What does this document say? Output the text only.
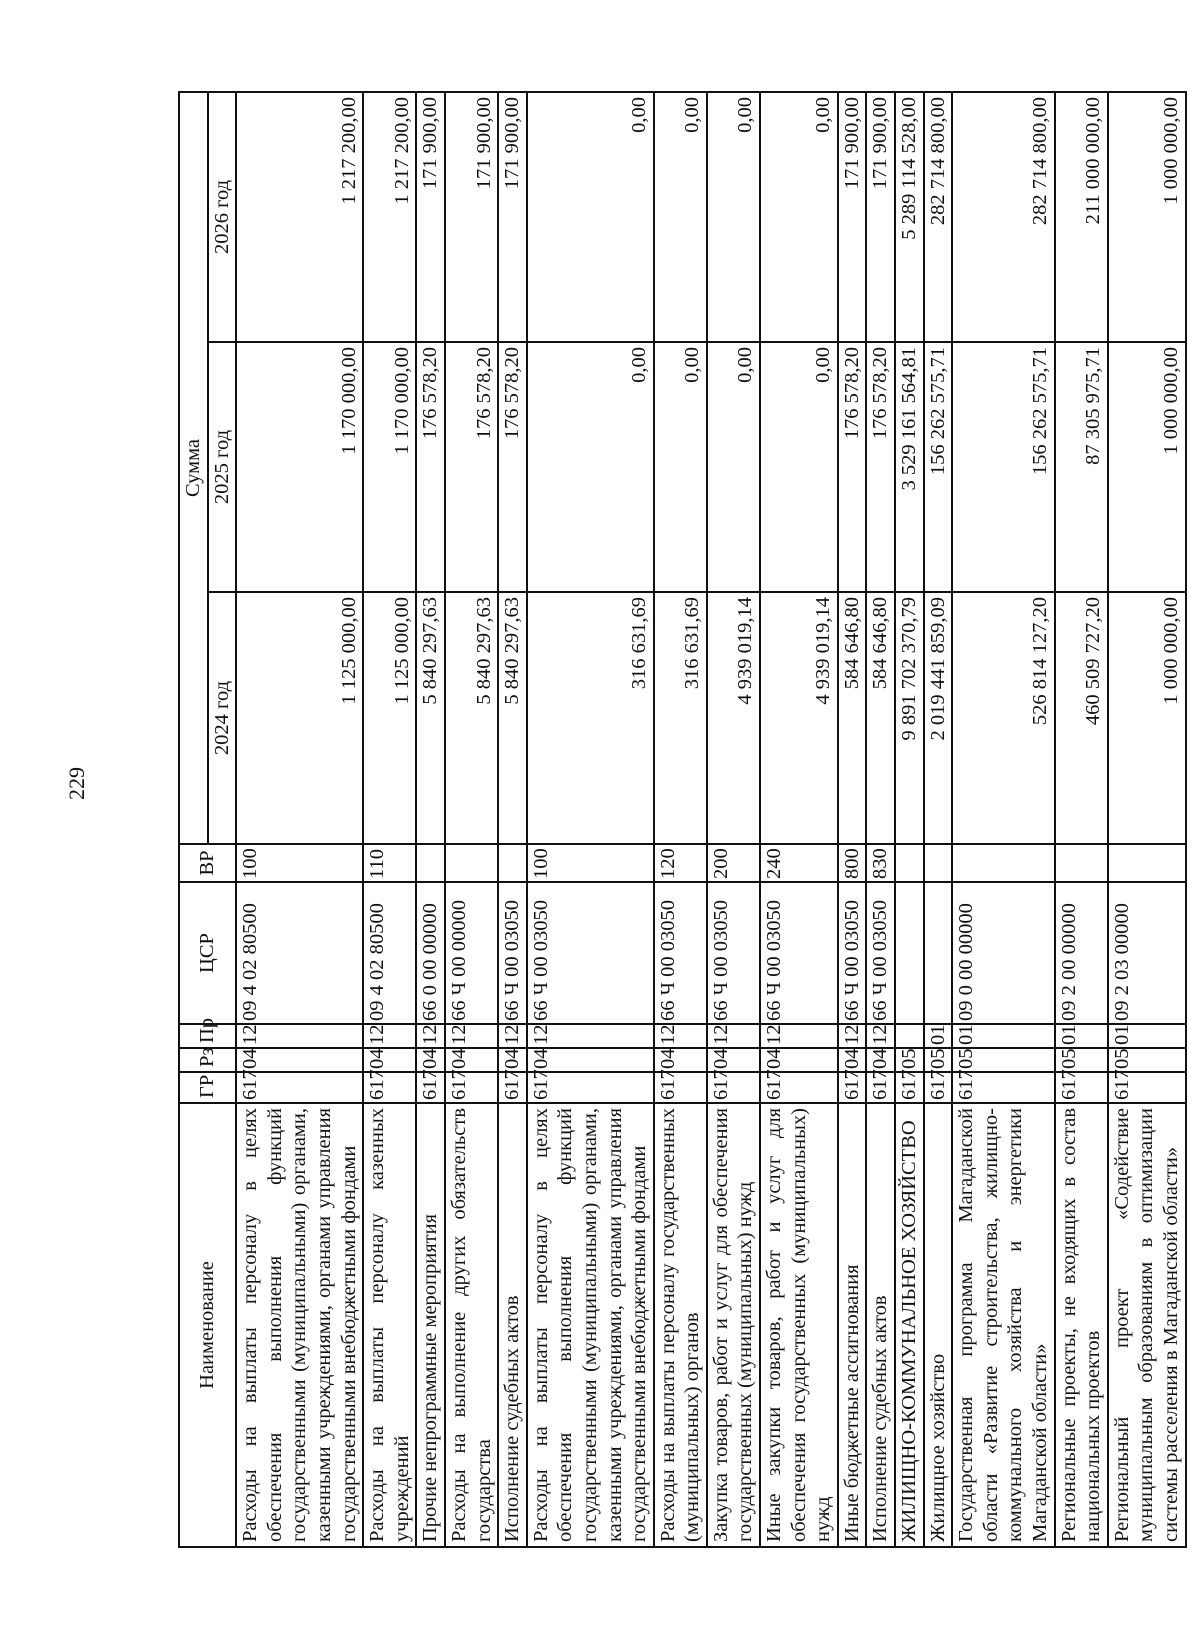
229
Наименование	ГР	Рз	Пр	ЦСР	ВР	Сумма		
						2024 год	2025 год	2026 год
Расходы на выплаты персоналу в целях обеспечения выполнения функций государственными (муниципальными) органами, казенными учреждениями, органами управления государственными внебюджетными фондами	617	04	12	09 4 02 80500	100	1 125 000,00	1 170 000,00	1 217 200,00
Расходы на выплаты персоналу казенных учреждений	617	04	12	09 4 02 80500	110	1 125 000,00	1 170 000,00	1 217 200,00
Прочие непрограммные мероприятия	617	04	12	66 0 00 00000		5 840 297,63	176 578,20	171 900,00
Расходы на выполнение других обязательств государства	617	04	12	66 Ч 00 00000		5 840 297,63	176 578,20	171 900,00
Исполнение судебных актов	617	04	12	66 Ч 00 03050		5 840 297,63	176 578,20	171 900,00
Расходы на выплаты персоналу в целях обеспечения выполнения функций государственными (муниципальными) органами, казенными учреждениями, органами управления государственными внебюджетными фондами	617	04	12	66 Ч 00 03050	100	316 631,69	0,00	0,00
Расходы на выплаты персоналу государственных (муниципальных) органов	617	04	12	66 Ч 00 03050	120	316 631,69	0,00	0,00
Закупка товаров, работ и услуг для обеспечения государственных (муниципальных) нужд	617	04	12	66 Ч 00 03050	200	4 939 019,14	0,00	0,00
Иные закупки товаров, работ и услуг для обеспечения государственных (муниципальных) нужд	617	04	12	66 Ч 00 03050	240	4 939 019,14	0,00	0,00
Иные бюджетные ассигнования	617	04	12	66 Ч 00 03050	800	584 646,80	176 578,20	171 900,00
Исполнение судебных актов	617	04	12	66 Ч 00 03050	830	584 646,80	176 578,20	171 900,00
ЖИЛИЩНО-КОММУНАЛЬНОЕ ХОЗЯЙСТВО	617	05				9 891 702 370,79	3 529 161 564,81	5 289 114 528,00
Жилищное хозяйство	617	05	01			2 019 441 859,09	156 262 575,71	282 714 800,00
Государственная программа Магаданской области «Развитие строительства, жилищно-коммунального хозяйства и энергетики Магаданской области»	617	05	01	09 0 00 00000		526 814 127,20	156 262 575,71	282 714 800,00
Региональные проекты, не входящих в состав национальных проектов	617	05	01	09 2 00 00000		460 509 727,20	87 305 975,71	211 000 000,00
Региональный проект «Содействие муниципальным образованиям в оптимизации системы расселения в Магаданской области»	617	05	01	09 2 03 00000		1 000 000,00	1 000 000,00	1 000 000,00
